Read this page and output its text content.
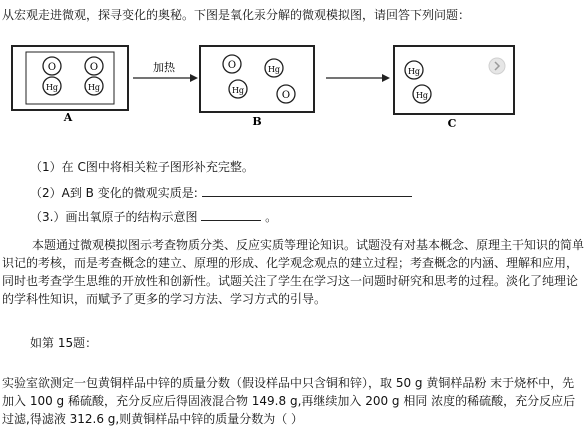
从宏观走进微观，探寻变化的奥秘。下图是氧化汞分解的微观模拟图，请回答下列问题：
O
Hg
O
Hg
A
加热	O	Hg
Hg	O
B
Hg
Hg
C
（1）在 C图中将相关粒子图形补充完整。
（2）A到 B 变化的微观实质是:
（3.）画出氧原子的结构示意图	。

本题通过微观模拟图示考查物质分类、反应实质等理论知识。试题没有对基本概念、原理主干知识的简单识记的考核，而是考查概念的建立、原理的形成、化学观念观点的建立过程；考查概念的内涵、理解和应用，同时也考查学生思维的开放性和创新性。试题关注了学生在学习这一问题时研究和思考的过程。淡化了纯理论的学科性知识，而赋予了更多的学习方法、学习方式的引导。

如第 15题：
实验室欲测定一包黄铜样品中锌的质量分数（假设样品中只含铜和锌），取 50 g 黄铜样品粉 末于烧杯中，先加入 100 g 稀硫酸，充分反应后得固液混合物 149.8 g,再继续加入 200 g 相同 浓度的稀硫酸，充分反应后过滤,得滤液 312.6 g,则黄铜样品中锌的质量分数为（ ）
